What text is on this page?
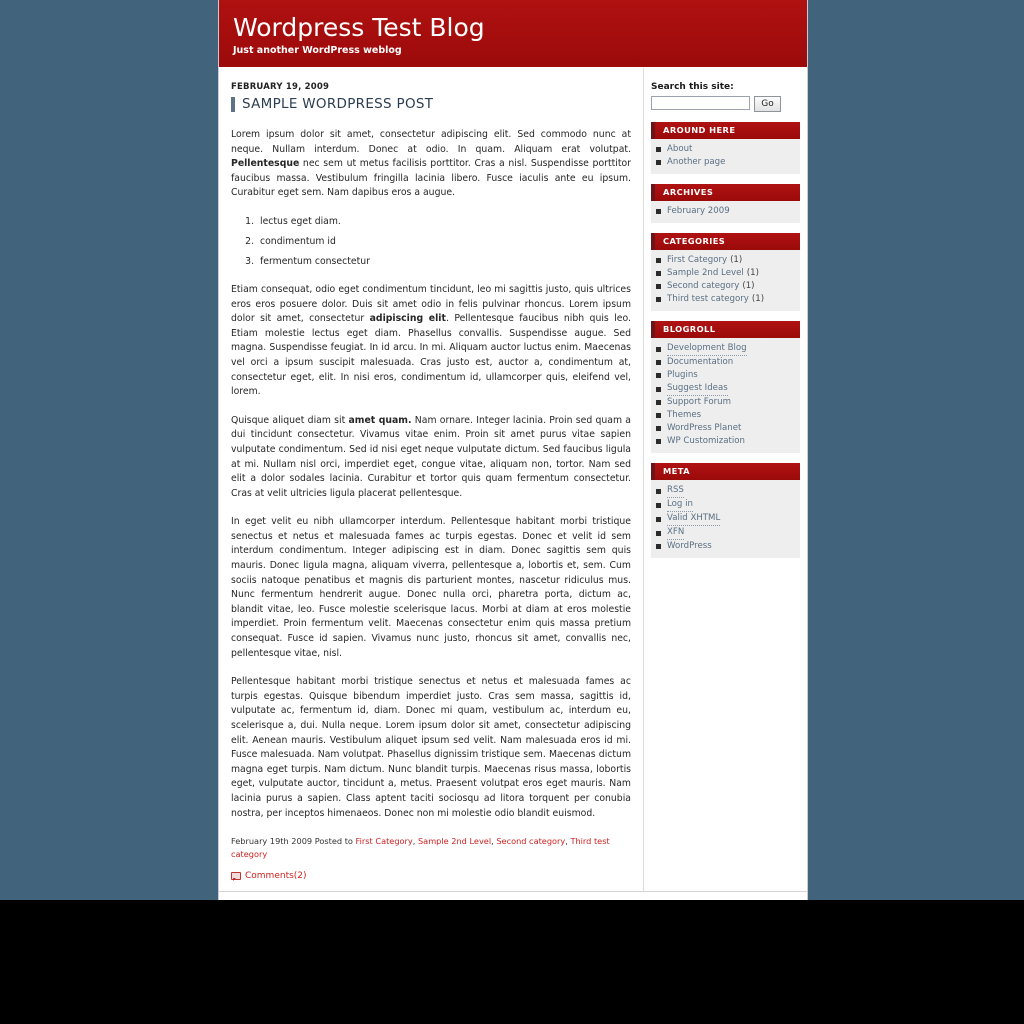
Wordpress Test Blog
Just another WordPress weblog
FEBRUARY 19, 2009
SAMPLE WORDPRESS POST

Lorem ipsum dolor sit amet, consectetur adipiscing elit. Sed commodo nunc at neque. Nullam interdum. Donec at odio. In quam. Aliquam erat volutpat. Pellentesque nec sem ut metus facilisis porttitor. Cras a nisl. Suspendisse porttitor faucibus massa. Vestibulum fringilla lacinia libero. Fusce iaculis ante eu ipsum. Curabitur eget sem. Nam dapibus eros a augue.

1. lectus eget diam.
2. condimentum id
3. fermentum consectetur

Etiam consequat, odio eget condimentum tincidunt, leo mi sagittis justo, quis ultrices eros eros posuere dolor. Duis sit amet odio in felis pulvinar rhoncus. Lorem ipsum dolor sit amet, consectetur adipiscing elit. Pellentesque faucibus nibh quis leo. Etiam molestie lectus eget diam. Phasellus convallis. Suspendisse augue. Sed magna. Suspendisse feugiat. In id arcu. In mi. Aliquam auctor luctus enim. Maecenas vel orci a ipsum suscipit malesuada. Cras justo est, auctor a, condimentum at, consectetur eget, elit. In nisi eros, condimentum id, ullamcorper quis, eleifend vel, lorem.

Quisque aliquet diam sit amet quam. Nam ornare. Integer lacinia. Proin sed quam a dui tincidunt consectetur. Vivamus vitae enim. Proin sit amet purus vitae sapien vulputate condimentum. Sed id nisi eget neque vulputate dictum. Sed faucibus ligula at mi. Nullam nisl orci, imperdiet eget, congue vitae, aliquam non, tortor. Nam sed elit a dolor sodales lacinia. Curabitur et tortor quis quam fermentum consectetur. Cras at velit ultricies ligula placerat pellentesque.

In eget velit eu nibh ullamcorper interdum. Pellentesque habitant morbi tristique senectus et netus et malesuada fames ac turpis egestas. Donec et velit id sem interdum condimentum. Integer adipiscing est in diam. Donec sagittis sem quis mauris. Donec ligula magna, aliquam viverra, pellentesque a, lobortis et, sem. Cum sociis natoque penatibus et magnis dis parturient montes, nascetur ridiculus mus. Nunc fermentum hendrerit augue. Donec nulla orci, pharetra porta, dictum ac, blandit vitae, leo. Fusce molestie scelerisque lacus. Morbi at diam at eros molestie imperdiet. Proin fermentum velit. Maecenas consectetur enim quis massa pretium consequat. Fusce id sapien. Vivamus nunc justo, rhoncus sit amet, convallis nec, pellentesque vitae, nisl.

Pellentesque habitant morbi tristique senectus et netus et malesuada fames ac turpis egestas. Quisque bibendum imperdiet justo. Cras sem massa, sagittis id, vulputate ac, fermentum id, diam. Donec mi quam, vestibulum ac, interdum eu, scelerisque a, dui. Nulla neque. Lorem ipsum dolor sit amet, consectetur adipiscing elit. Aenean mauris. Vestibulum aliquet ipsum sed velit. Nam malesuada eros id mi. Fusce malesuada. Nam volutpat. Phasellus dignissim tristique sem. Maecenas dictum magna eget turpis. Nam dictum. Nunc blandit turpis. Maecenas risus massa, lobortis eget, vulputate auctor, tincidunt a, metus. Praesent volutpat eros eget mauris. Nam lacinia purus a sapien. Class aptent taciti sociosqu ad litora torquent per conubia nostra, per inceptos himenaeos. Donec non mi molestie odio blandit euismod.

February 19th 2009 Posted to First Category, Sample 2nd Level, Second category, Third test category
Comments(2)
Search this site:
Go
AROUND HERE
About
Another page
ARCHIVES
February 2009
CATEGORIES
First Category (1)
Sample 2nd Level (1)
Second category (1)
Third test category (1)
BLOGROLL
Development Blog
Documentation
Plugins
Suggest Ideas
Support Forum
Themes
WordPress Planet
WP Customization
META
RSS
Log in
Valid XHTML
XFN
WordPress
